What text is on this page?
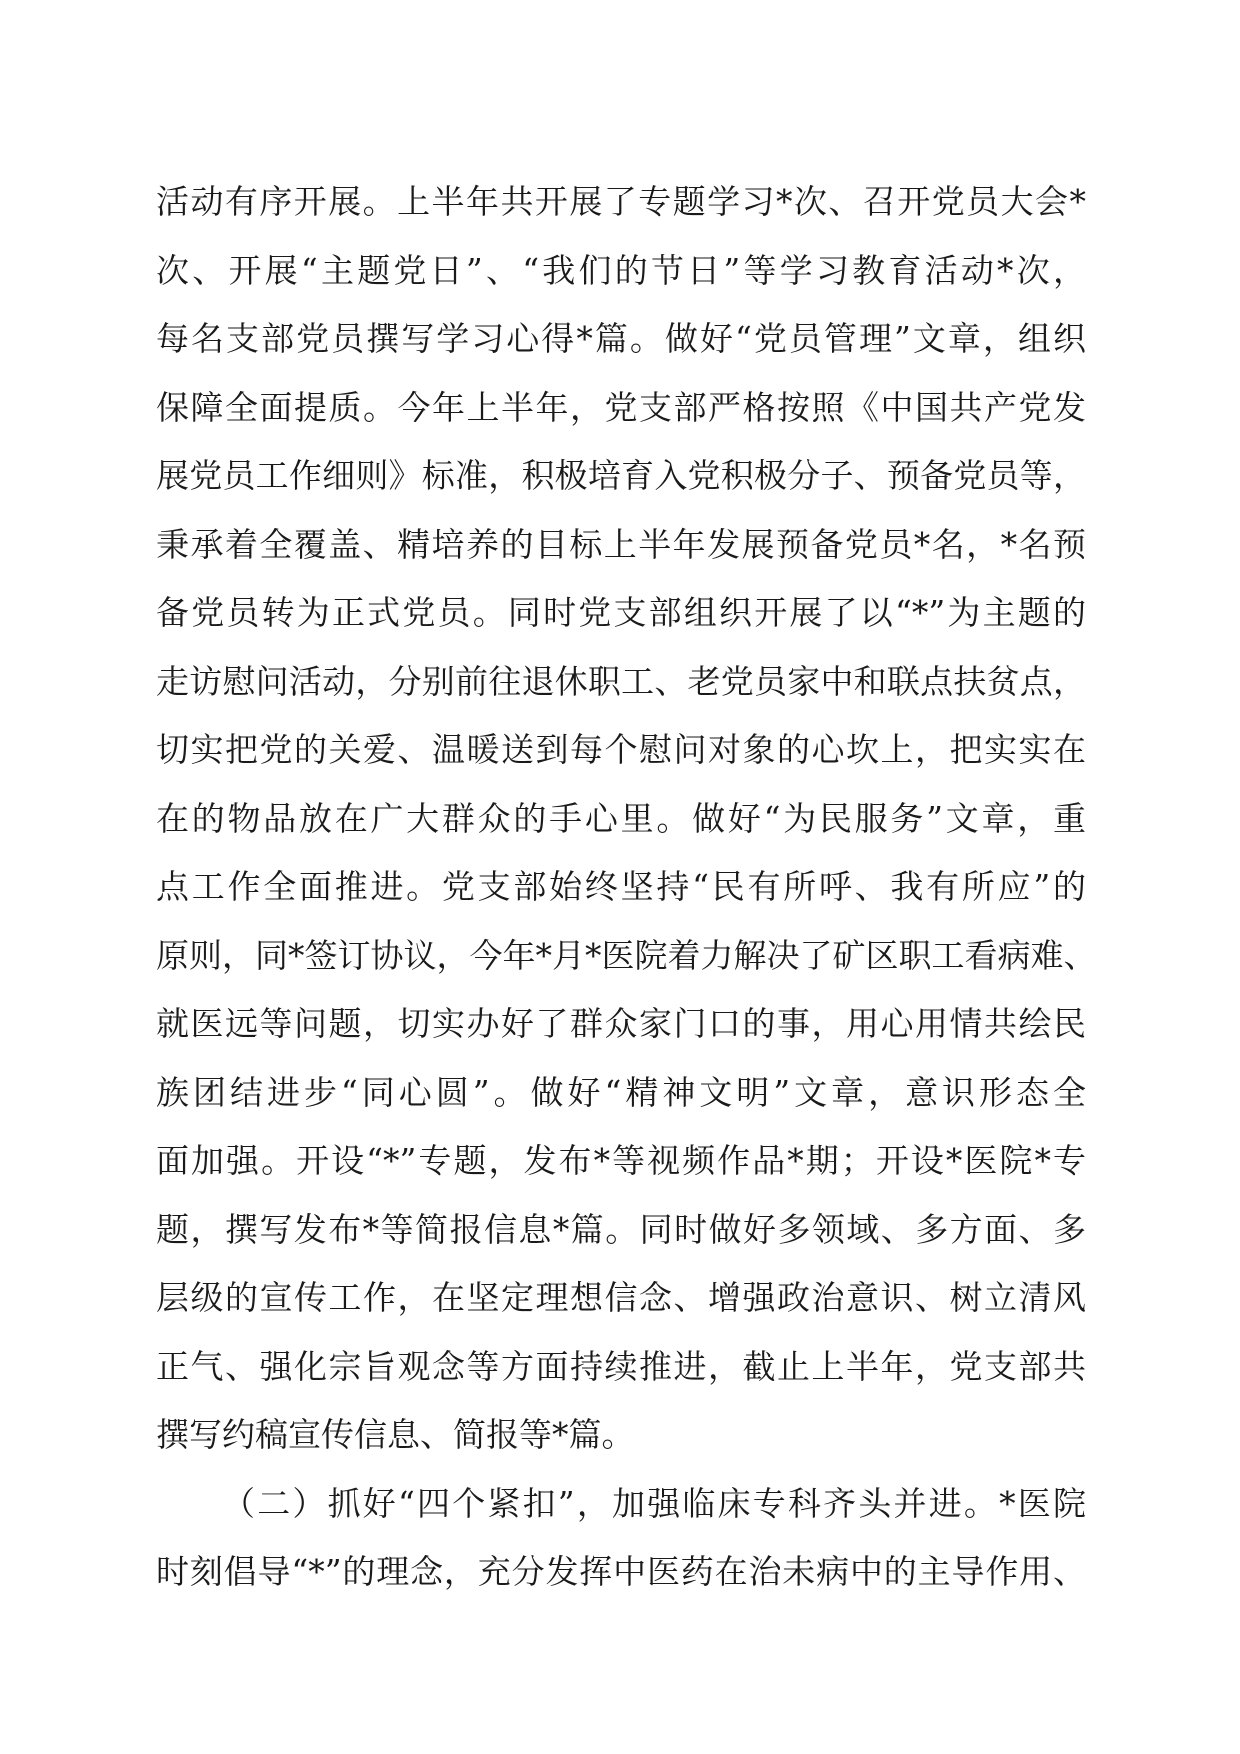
活动有序开展。上半年共开展了专题学习*次、召开党员大会*
次、开展“主题党日”、“我们的节日”等学习教育活动*次，
每名支部党员撰写学习心得*篇。做好“党员管理”文章，组织
保障全面提质。今年上半年，党支部严格按照《中国共产党发
展党员工作细则》标准，积极培育入党积极分子、预备党员等，
秉承着全覆盖、精培养的目标上半年发展预备党员*名，*名预
备党员转为正式党员。同时党支部组织开展了以“*”为主题的
走访慰问活动，分别前往退休职工、老党员家中和联点扶贫点，
切实把党的关爱、温暖送到每个慰问对象的心坎上，把实实在
在的物品放在广大群众的手心里。做好“为民服务”文章，重
点工作全面推进。党支部始终坚持“民有所呼、我有所应”的
原则，同*签订协议，今年*月*医院着力解决了矿区职工看病难、
就医远等问题，切实办好了群众家门口的事，用心用情共绘民
族团结进步“同心圆”。做好“精神文明”文章，意识形态全
面加强。开设“*”专题，发布*等视频作品*期；开设*医院*专
题，撰写发布*等简报信息*篇。同时做好多领域、多方面、多
层级的宣传工作，在坚定理想信念、增强政治意识、树立清风
正气、强化宗旨观念等方面持续推进，截止上半年，党支部共
撰写约稿宣传信息、简报等*篇。
（二）抓好“四个紧扣”，加强临床专科齐头并进。*医院
时刻倡导“*”的理念，充分发挥中医药在治未病中的主导作用、
